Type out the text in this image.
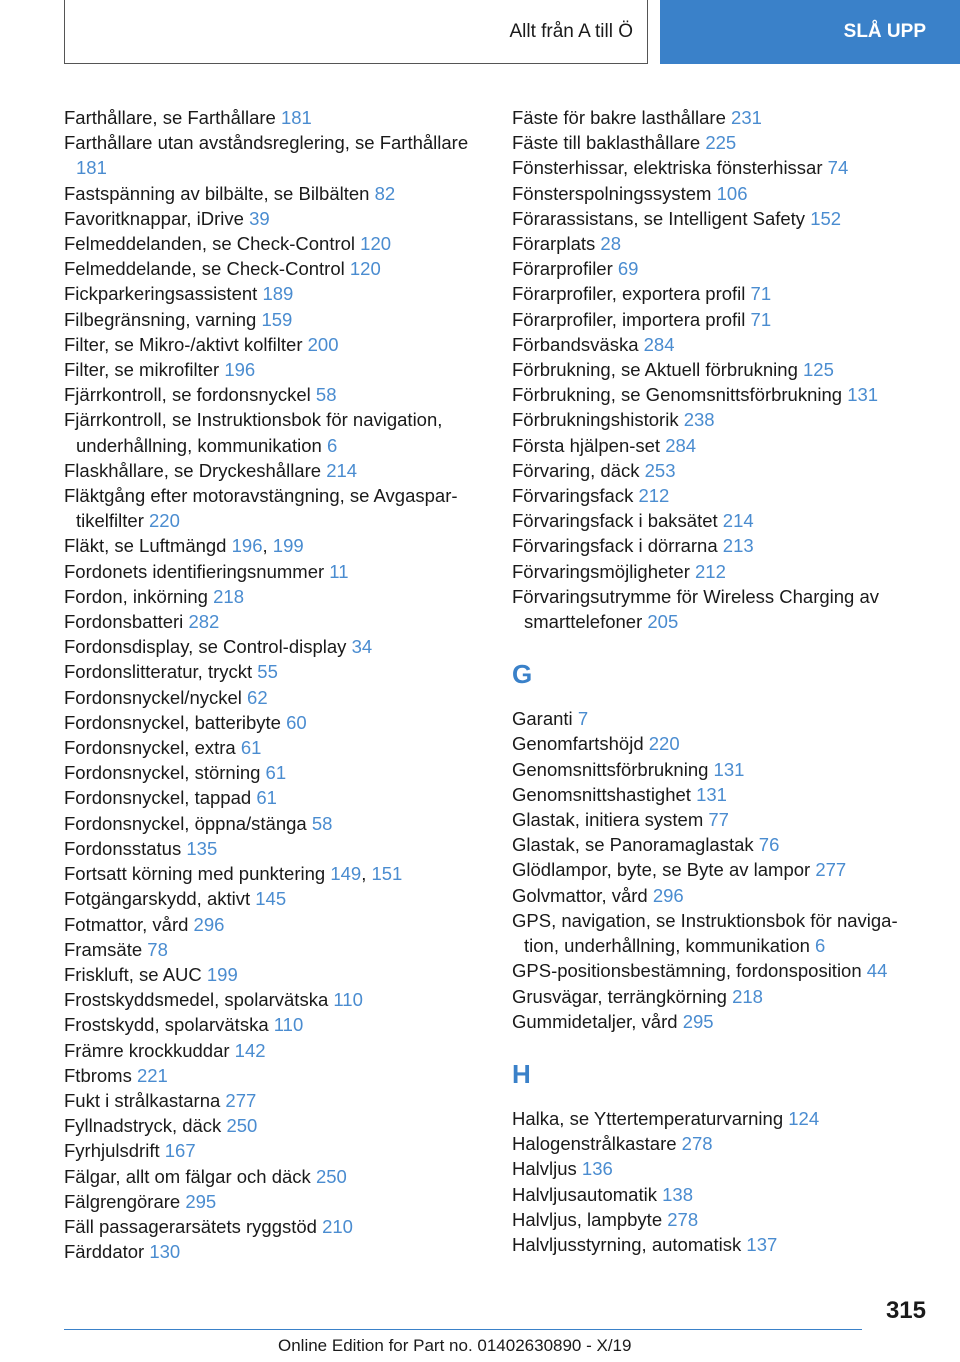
Allt från A till Ö	SLÅ UPP
Farthållare, se Farthållare 181
Farthållare utan avståndsreglering, se Farthållare 181
Fastspänning av bilbälte, se Bilbälten 82
Favoritknappar, iDrive 39
Felmeddelanden, se Check-Control 120
Felmeddelande, se Check-Control 120
Fickparkeringsassistent 189
Filbegränsning, varning 159
Filter, se Mikro-/aktivt kolfilter 200
Filter, se mikrofilter 196
Fjärrkontroll, se fordonsnyckel 58
Fjärrkontroll, se Instruktionsbok för navigation, underhållning, kommunikation 6
Flaskhållare, se Dryckeshållare 214
Fläktgång efter motoravstängning, se Avgaspartikelfilter 220
Fläkt, se Luftmängd 196, 199
Fordonets identifieringsnummer 11
Fordon, inkörning 218
Fordonsbatteri 282
Fordonsdisplay, se Control-display 34
Fordonslitteratur, tryckt 55
Fordonsnyckel/nyckel 62
Fordonsnyckel, batteribyte 60
Fordonsnyckel, extra 61
Fordonsnyckel, störning 61
Fordonsnyckel, tappad 61
Fordonsnyckel, öppna/stänga 58
Fordonsstatus 135
Fortsatt körning med punktering 149, 151
Fotgängarskydd, aktivt 145
Fotmattor, vård 296
Framsäte 78
Friskluft, se AUC 199
Frostskyddsmedel, spolarvätska 110
Frostskydd, spolarvätska 110
Främre krockkuddar 142
Ftbroms 221
Fukt i strålkastarna 277
Fyllnadstryck, däck 250
Fyrhjulsdrift 167
Fälgar, allt om fälgar och däck 250
Fälgrengörare 295
Fäll passagerarsätets ryggstöd 210
Färddator 130
Fäste för bakre lasthållare 231
Fäste till baklasthållare 225
Fönsterhissar, elektriska fönsterhissar 74
Fönsterspolningssystem 106
Förarassistans, se Intelligent Safety 152
Förarplats 28
Förarprofiler 69
Förarprofiler, exportera profil 71
Förarprofiler, importera profil 71
Förbandsväska 284
Förbrukning, se Aktuell förbrukning 125
Förbrukning, se Genomsnittsförbrukning 131
Förbrukningshistorik 238
Första hjälpen-set 284
Förvaring, däck 253
Förvaringsfack 212
Förvaringsfack i baksätet 214
Förvaringsfack i dörrarna 213
Förvaringsmöjligheter 212
Förvaringsutrymme för Wireless Charging av smarttelefoner 205
G
Garanti 7
Genomfartshöjd 220
Genomsnittsförbrukning 131
Genomsnittshastighet 131
Glastak, initiera system 77
Glastak, se Panoramaglastak 76
Glödlampor, byte, se Byte av lampor 277
Golvmattor, vård 296
GPS, navigation, se Instruktionsbok för navigation, underhållning, kommunikation 6
GPS-positionsbestämning, fordonsposition 44
Grusvägar, terrängkörning 218
Gummidetaljer, vård 295
H
Halka, se Yttertemperaturvarning 124
Halogenstrålkastare 278
Halvljus 136
Halvljusautomatik 138
Halvljus, lampbyte 278
Halvljusstyrning, automatisk 137
315
Online Edition for Part no. 01402630890 - X/19
